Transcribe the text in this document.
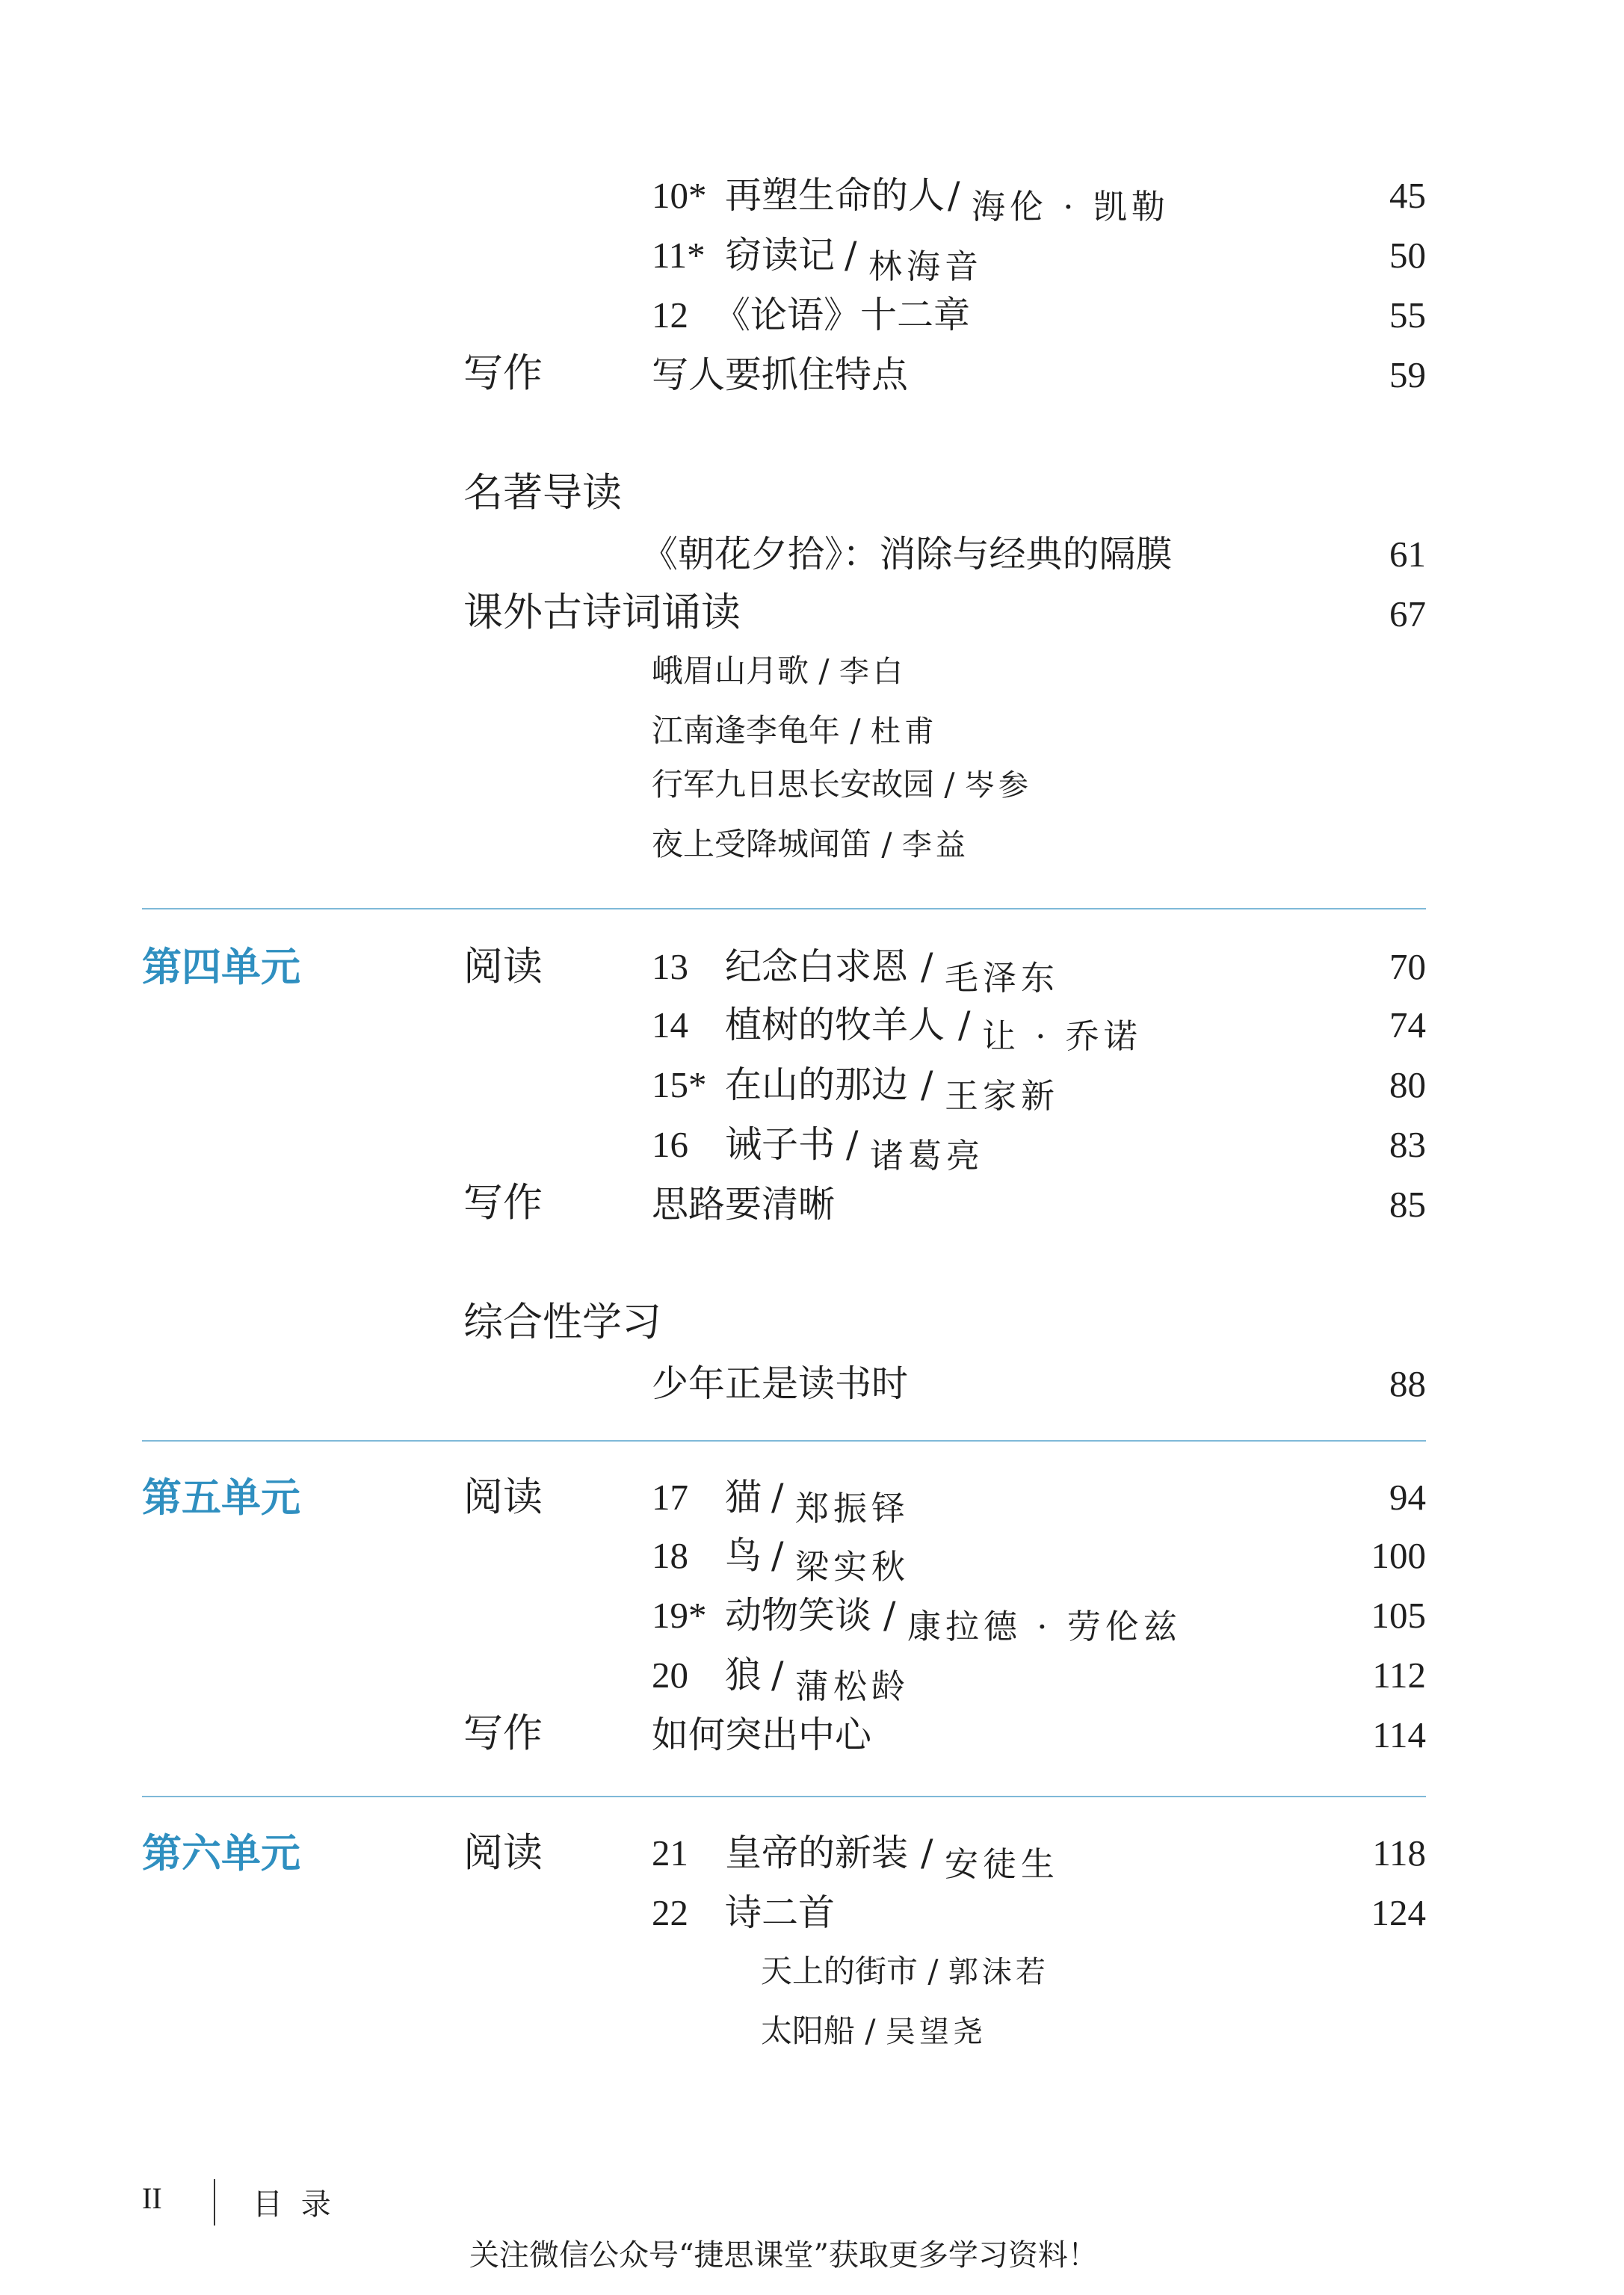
10* 再塑生命的人 / 海伦 · 凯勒	45
11* 窃读记 / 林海音	50
12 《论语》十二章	55
写作	写人要抓住特点	59
名著导读
《朝花夕拾》：消除与经典的隔膜	61
课外古诗词诵读	67
峨眉山月歌 / 李白
江南逢李龟年 / 杜甫
行军九日思长安故园 / 岑参
夜上受降城闻笛 / 李益
第四单元	阅读	13 纪念白求恩 / 毛泽东	70
14 植树的牧羊人 / 让 · 乔诺	74
15* 在山的那边 / 王家新	80
16 诫子书 / 诸葛亮	83
写作	思路要清晰	85
综合性学习
少年正是读书时	88
第五单元	阅读	17 猫 / 郑振铎	94
18 鸟 / 梁实秋	100
19* 动物笑谈 / 康拉德 · 劳伦兹	105
20 狼 / 蒲松龄	112
写作	如何突出中心	114
第六单元	阅读	21 皇帝的新装 / 安徒生	118
22 诗二首	124
天上的街市 / 郭沫若
太阳船 / 吴望尧
II	目 录
关注微信公众号“捷思课堂”获取更多学习资料！
